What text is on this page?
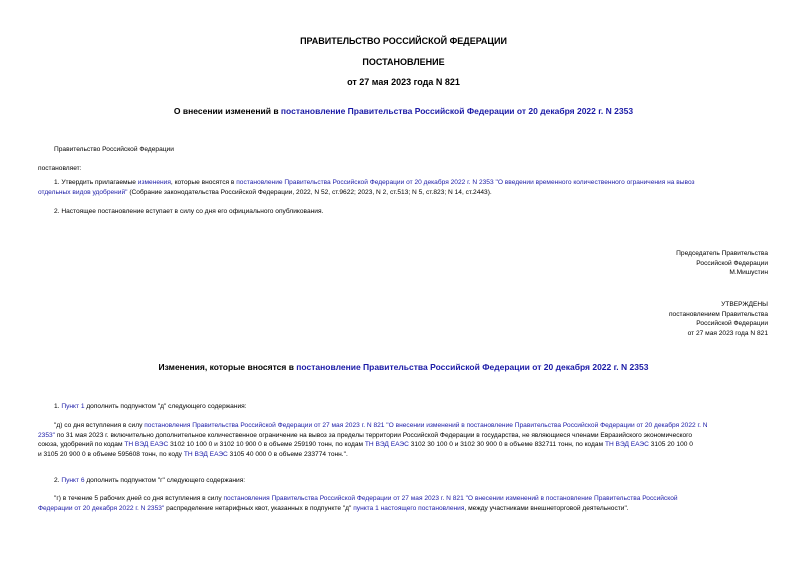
ПРАВИТЕЛЬСТВО РОССИЙСКОЙ ФЕДЕРАЦИИ
ПОСТАНОВЛЕНИЕ
от 27 мая 2023 года N 821
О внесении изменений в постановление Правительства Российской Федерации от 20 декабря 2022 г. N 2353
Правительство Российской Федерации
постановляет:
1. Утвердить прилагаемые изменения, которые вносятся в постановление Правительства Российской Федерации от 20 декабря 2022 г. N 2353 "О введении временного количественного ограничения на вывоз
отдельных видов удобрений" (Собрание законодательства Российской Федерации, 2022, N 52, ст.9622; 2023, N 2, ст.513; N 5, ст.823; N 14, ст.2443).
2. Настоящее постановление вступает в силу со дня его официального опубликования.
Председатель Правительства
Российской Федерации
М.Мишустин
УТВЕРЖДЕНЫ
постановлением Правительства
Российской Федерации
от 27 мая 2023 года N 821
Изменения, которые вносятся в постановление Правительства Российской Федерации от 20 декабря 2022 г. N 2353
1. Пункт 1 дополнить подпунктом "д" следующего содержания:
"д) со дня вступления в силу постановления Правительства Российской Федерации от 27 мая 2023 г. N 821 "О внесении изменений в постановление Правительства Российской Федерации от 20 декабря 2022 г. N
2353" по 31 мая 2023 г. включительно дополнительное количественное ограничение на вывоз за пределы территории Российской Федерации в государства, не являющиеся членами Евразийского экономического
союза, удобрений по кодам ТН ВЭД ЕАЭС 3102 10 100 0 и 3102 10 900 0 в объеме 259190 тонн, по кодам ТН ВЭД ЕАЭС 3102 30 100 0 и 3102 30 900 0 в объеме 832711 тонн, по кодам ТН ВЭД ЕАЭС 3105 20 100 0
и 3105 20 900 0 в объеме 595608 тонн, по коду ТН ВЭД ЕАЭС 3105 40 000 0 в объеме 233774 тонн.".
2. Пункт 6 дополнить подпунктом "г" следующего содержания:
"г) в течение 5 рабочих дней со дня вступления в силу постановления Правительства Российской Федерации от 27 мая 2023 г. N 821 "О внесении изменений в постановление Правительства Российской
Федерации от 20 декабря 2022 г. N 2353" распределение нетарифных квот, указанных в подпункте "д" пункта 1 настоящего постановления, между участниками внешнеторговой деятельности".
